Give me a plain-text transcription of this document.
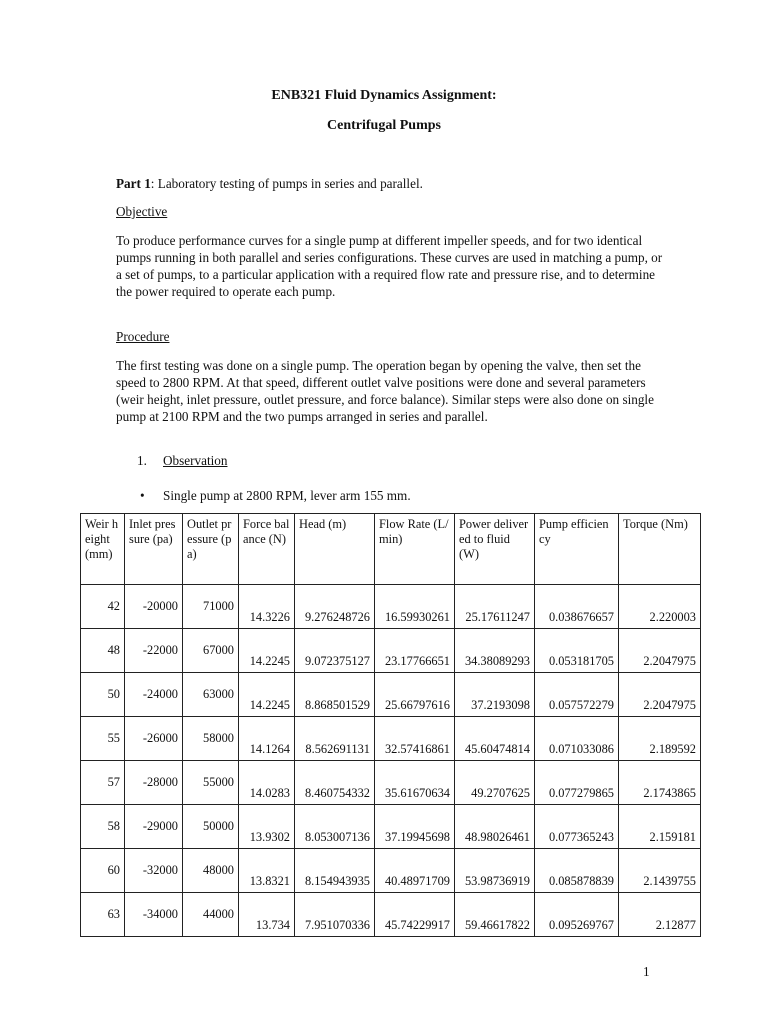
ENB321 Fluid Dynamics Assignment:
Centrifugal Pumps
Part 1: Laboratory testing of pumps in series and parallel.
Objective
To produce performance curves for a single pump at different impeller speeds, and for two identical pumps running in both parallel and series configurations. These curves are used in matching a pump, or a set of pumps, to a particular application with a required flow rate and pressure rise, and to determine the power required to operate each pump.
Procedure
The first testing was done on a single pump. The operation began by opening the valve, then set the speed to 2800 RPM. At that speed, different outlet valve positions were done and several parameters (weir height, inlet pressure, outlet pressure, and force balance). Similar steps were also done on single pump at 2100 RPM and the two pumps arranged in series and parallel.
1. Observation
• Single pump at 2800 RPM, lever arm 155 mm.
Weir height (mm)	Inlet pressure (pa)	Outlet pressure (pa)	Force balance (N)	Head (m)	Flow Rate (L/min)	Power delivered to fluid (W)	Pump efficiency	Torque (Nm)
42	-20000	71000	14.3226	9.276248726	16.59930261	25.17611247	0.038676657	2.220003
48	-22000	67000	14.2245	9.072375127	23.17766651	34.38089293	0.053181705	2.2047975
50	-24000	63000	14.2245	8.868501529	25.66797616	37.2193098	0.057572279	2.2047975
55	-26000	58000	14.1264	8.562691131	32.57416861	45.60474814	0.071033086	2.189592
57	-28000	55000	14.0283	8.460754332	35.61670634	49.2707625	0.077279865	2.1743865
58	-29000	50000	13.9302	8.053007136	37.19945698	48.98026461	0.077365243	2.159181
60	-32000	48000	13.8321	8.154943935	40.48971709	53.98736919	0.085878839	2.1439755
63	-34000	44000	13.734	7.951070336	45.74229917	59.46617822	0.095269767	2.12877
1
